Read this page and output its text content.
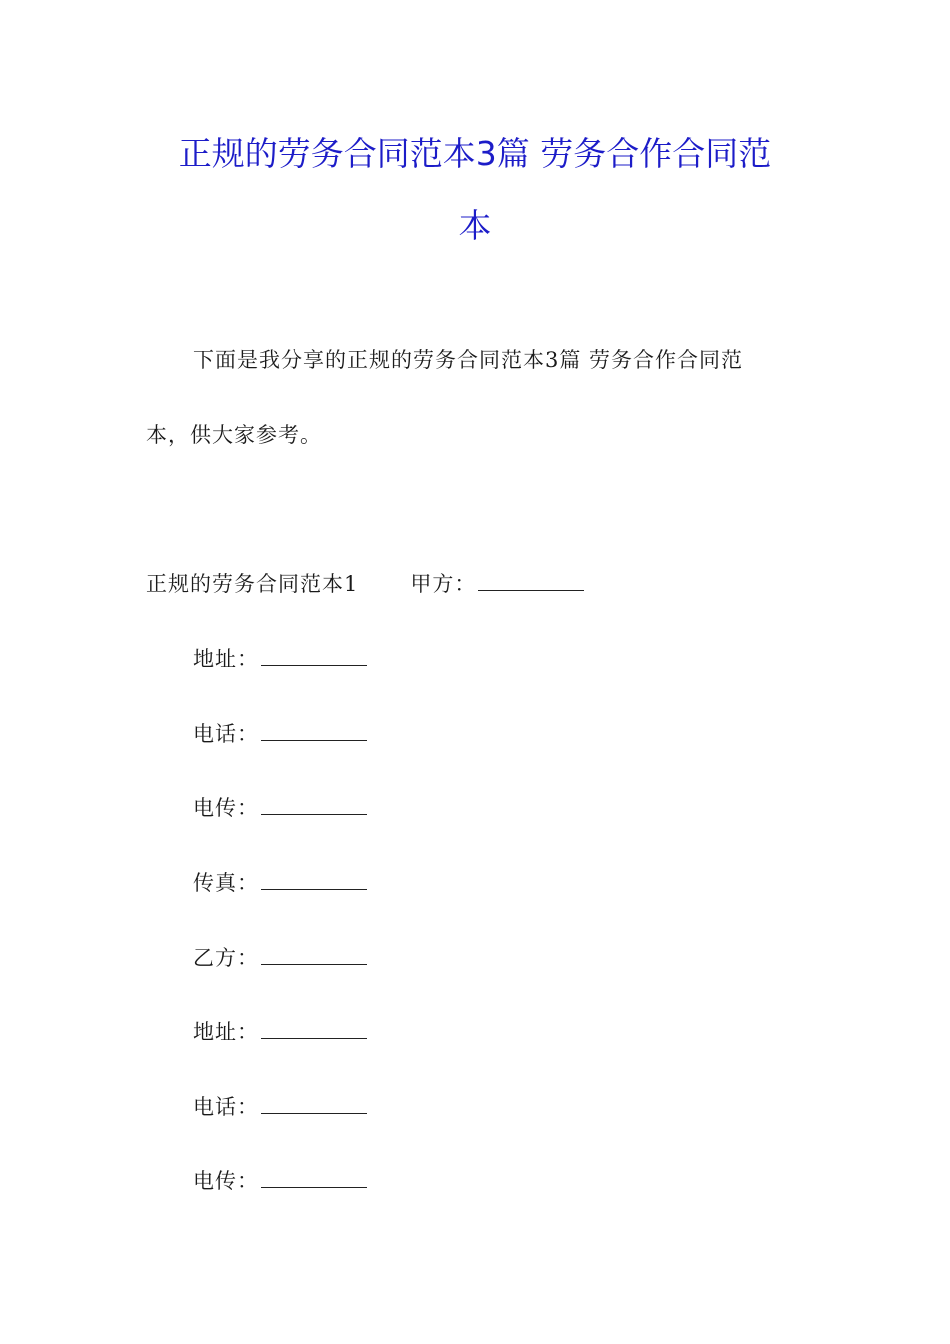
正规的劳务合同范本3篇 劳务合作合同范
本
下面是我分享的正规的劳务合同范本3篇 劳务合作合同范
本，供大家参考。
正规的劳务合同范本1 甲方：
地址：
电话：
电传：
传真：
乙方：
地址：
电话：
电传：
